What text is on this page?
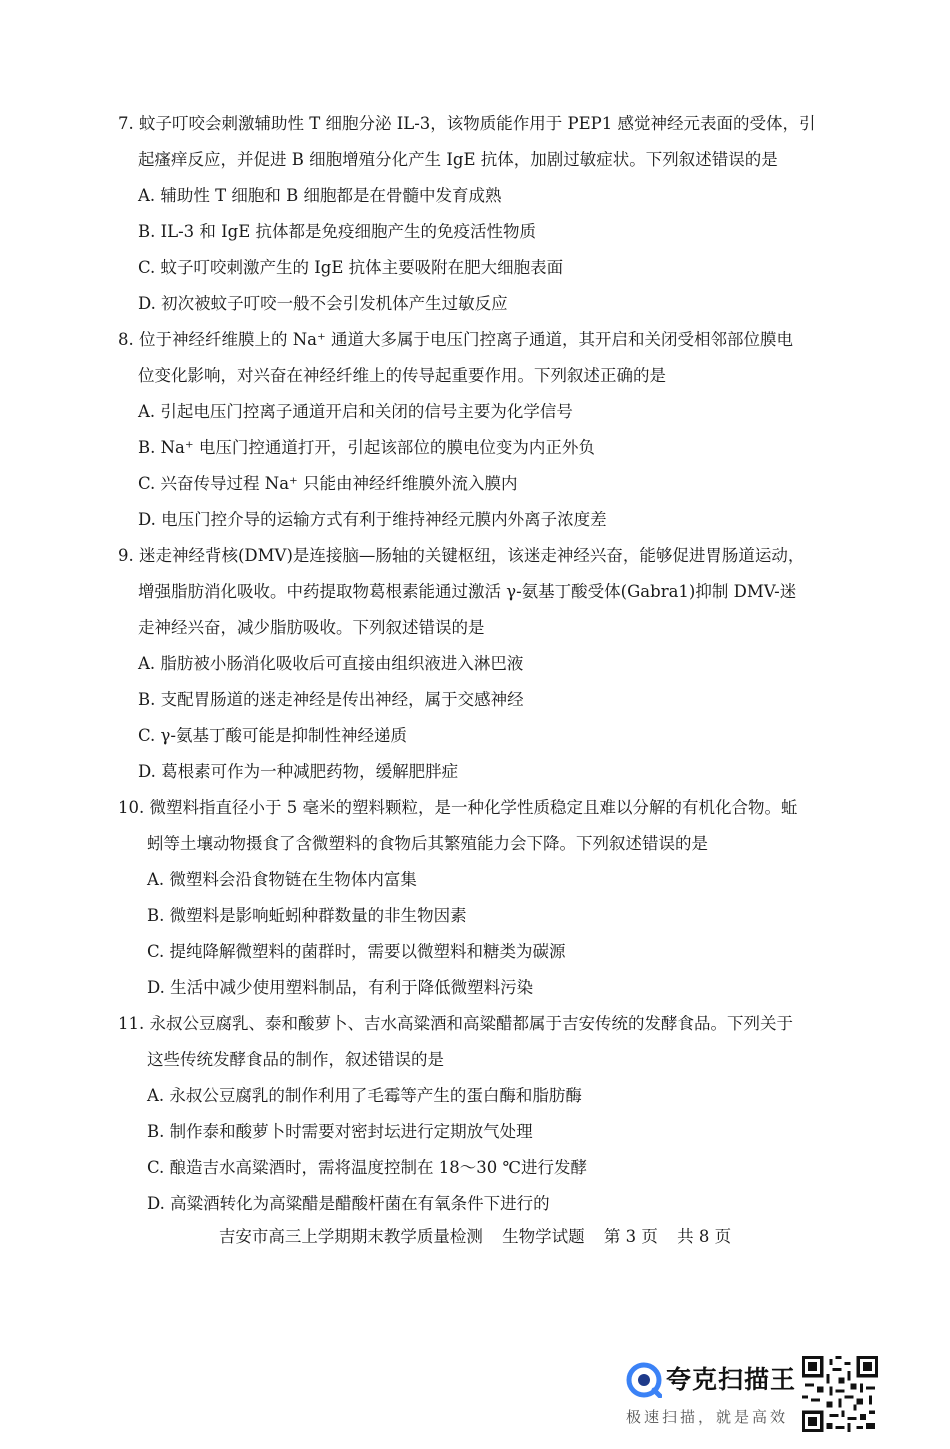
7. 蚊子叮咬会刺激辅助性 T 细胞分泌 IL-3，该物质能作用于 PEP1 感觉神经元表面的受体，引
起瘙痒反应，并促进 B 细胞增殖分化产生 IgE 抗体，加剧过敏症状。下列叙述错误的是
A. 辅助性 T 细胞和 B 细胞都是在骨髓中发育成熟
B. IL-3 和 IgE 抗体都是免疫细胞产生的免疫活性物质
C. 蚊子叮咬刺激产生的 IgE 抗体主要吸附在肥大细胞表面
D. 初次被蚊子叮咬一般不会引发机体产生过敏反应
8. 位于神经纤维膜上的 Na⁺ 通道大多属于电压门控离子通道，其开启和关闭受相邻部位膜电
位变化影响，对兴奋在神经纤维上的传导起重要作用。下列叙述正确的是
A. 引起电压门控离子通道开启和关闭的信号主要为化学信号
B. Na⁺ 电压门控通道打开，引起该部位的膜电位变为内正外负
C. 兴奋传导过程 Na⁺ 只能由神经纤维膜外流入膜内
D. 电压门控介导的运输方式有利于维持神经元膜内外离子浓度差
9. 迷走神经背核(DMV)是连接脑—肠轴的关键枢纽，该迷走神经兴奋，能够促进胃肠道运动，
增强脂肪消化吸收。中药提取物葛根素能通过激活 γ-氨基丁酸受体(Gabra1)抑制 DMV-迷
走神经兴奋，减少脂肪吸收。下列叙述错误的是
A. 脂肪被小肠消化吸收后可直接由组织液进入淋巴液
B. 支配胃肠道的迷走神经是传出神经，属于交感神经
C. γ-氨基丁酸可能是抑制性神经递质
D. 葛根素可作为一种减肥药物，缓解肥胖症
10. 微塑料指直径小于 5 毫米的塑料颗粒，是一种化学性质稳定且难以分解的有机化合物。蚯
蚓等土壤动物摄食了含微塑料的食物后其繁殖能力会下降。下列叙述错误的是
A. 微塑料会沿食物链在生物体内富集
B. 微塑料是影响蚯蚓种群数量的非生物因素
C. 提纯降解微塑料的菌群时，需要以微塑料和糖类为碳源
D. 生活中减少使用塑料制品，有利于降低微塑料污染
11. 永叔公豆腐乳、泰和酸萝卜、吉水高粱酒和高粱醋都属于吉安传统的发酵食品。下列关于
这些传统发酵食品的制作，叙述错误的是
A. 永叔公豆腐乳的制作利用了毛霉等产生的蛋白酶和脂肪酶
B. 制作泰和酸萝卜时需要对密封坛进行定期放气处理
C. 酿造吉水高粱酒时，需将温度控制在 18～30 ℃进行发酵
D. 高粱酒转化为高粱醋是醋酸杆菌在有氧条件下进行的
吉安市高三上学期期末教学质量检测 生物学试题 第 3 页 共 8 页
夸克扫描王
极速扫描，就是高效
